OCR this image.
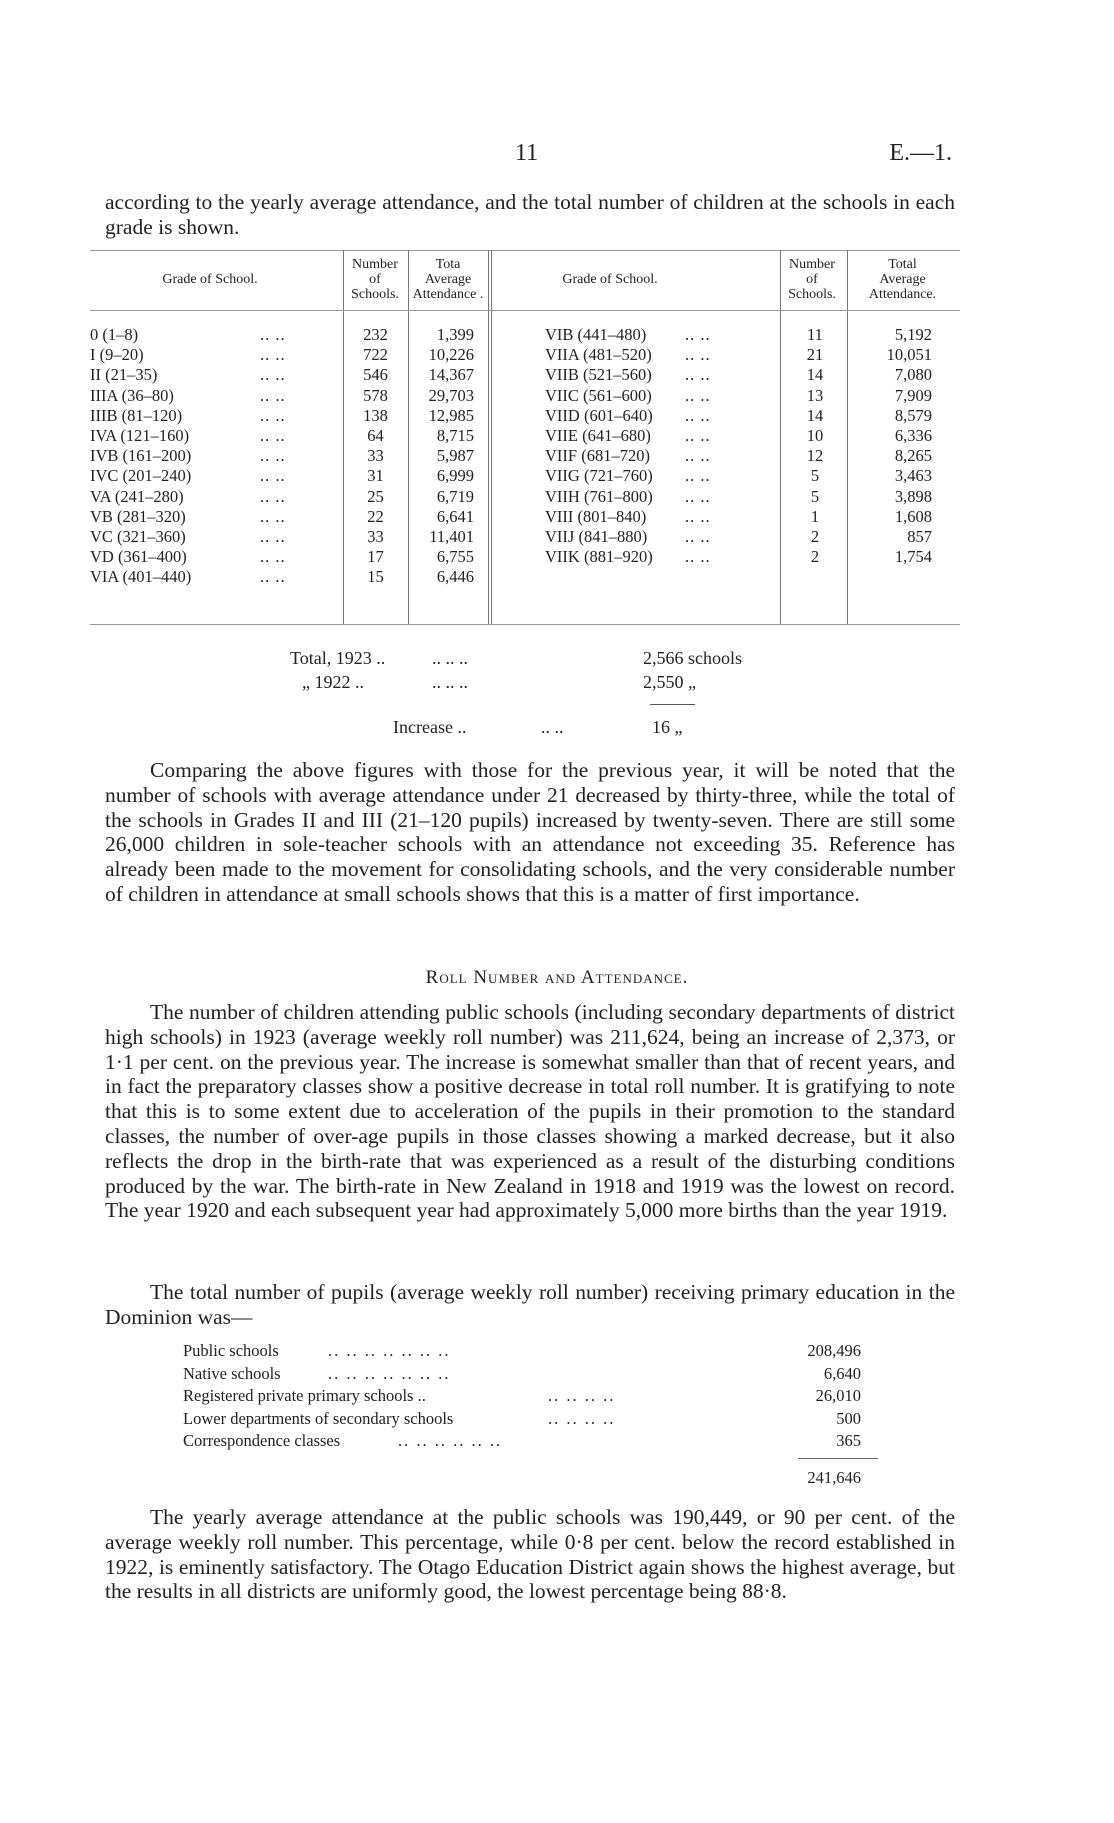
11	E.—1.

according to the yearly average attendance, and the total number of children at the schools in each grade is shown.

Grade of School.
Number
of
Schools.
Tota
Average
Attendance .
Grade of School.
Number
of
Schools.
Total
Average
Attendance.
0 (1–8)	.. ..	232	1,399
I (9–20)	.. ..	722	10,226
II (21–35)	.. ..	546	14,367
IIIA (36–80)	.. ..	578	29,703
IIIB (81–120)	.. ..	138	12,985
IVA (121–160)	.. ..	64	8,715
IVB (161–200)	.. ..	33	5,987
IVC (201–240)	.. ..	31	6,999
VA (241–280)	.. ..	25	6,719
VB (281–320)	.. ..	22	6,641
VC (321–360)	.. ..	33	11,401
VD (361–400)	.. ..	17	6,755
VIA (401–440)	.. ..	15	6,446
VIB (441–480) .. ..	11	5,192
VIIA (481–520) .. ..	21	10,051
VIIB (521–560) .. ..	14	7,080
VIIC (561–600) .. ..	13	7,909
VIID (601–640) .. ..	14	8,579
VIIE (641–680) .. ..	10	6,336
VIIF (681–720) .. ..	12	8,265
VIIG (721–760) .. ..	5	3,463
VIIH (761–800) .. ..	5	3,898
VIII (801–840) .. ..	1	1,608
VIIJ (841–880) .. ..	2	857
VIIK (881–920) .. ..	2	1,754
Total, 1923 ..	.. .. ..	2,566 schools
„ 1922 ..	.. .. ..	2,550 „
Increase ..	.. ..	16 „

Comparing the above figures with those for the previous year, it will be noted that the number of schools with average attendance under 21 decreased by thirty-three, while the total of the schools in Grades II and III (21–120 pupils) increased by twenty-seven. There are still some 26,000 children in sole-teacher schools with an attendance not exceeding 35. Reference has already been made to the movement for consolidating schools, and the very considerable number of children in attendance at small schools shows that this is a matter of first importance.

Roll Number and Attendance.

The number of children attending public schools (including secondary departments of district high schools) in 1923 (average weekly roll number) was 211,624, being an increase of 2,373, or 1·1 per cent. on the previous year. The increase is somewhat smaller than that of recent years, and in fact the preparatory classes show a positive decrease in total roll number. It is gratifying to note that this is to some extent due to acceleration of the pupils in their promotion to the standard classes, the number of over-age pupils in those classes showing a marked decrease, but it also reflects the drop in the birth-rate that was experienced as a result of the disturbing conditions produced by the war. The birth-rate in New Zealand in 1918 and 1919 was the lowest on record. The year 1920 and each subsequent year had approximately 5,000 more births than the year 1919.

The total number of pupils (average weekly roll number) receiving primary education in the Dominion was—

Public schools	.. .. .. .. .. .. ..	208,496
Native schools	.. .. .. .. .. .. ..	6,640
Registered private primary schools ..	.. .. .. ..	26,010
Lower departments of secondary schools	.. .. .. ..	500
Correspondence classes	.. .. .. .. .. ..	365
241,646

The yearly average attendance at the public schools was 190,449, or 90 per cent. of the average weekly roll number. This percentage, while 0·8 per cent. below the record established in 1922, is eminently satisfactory. The Otago Education District again shows the highest average, but the results in all districts are uniformly good, the lowest percentage being 88·8.
